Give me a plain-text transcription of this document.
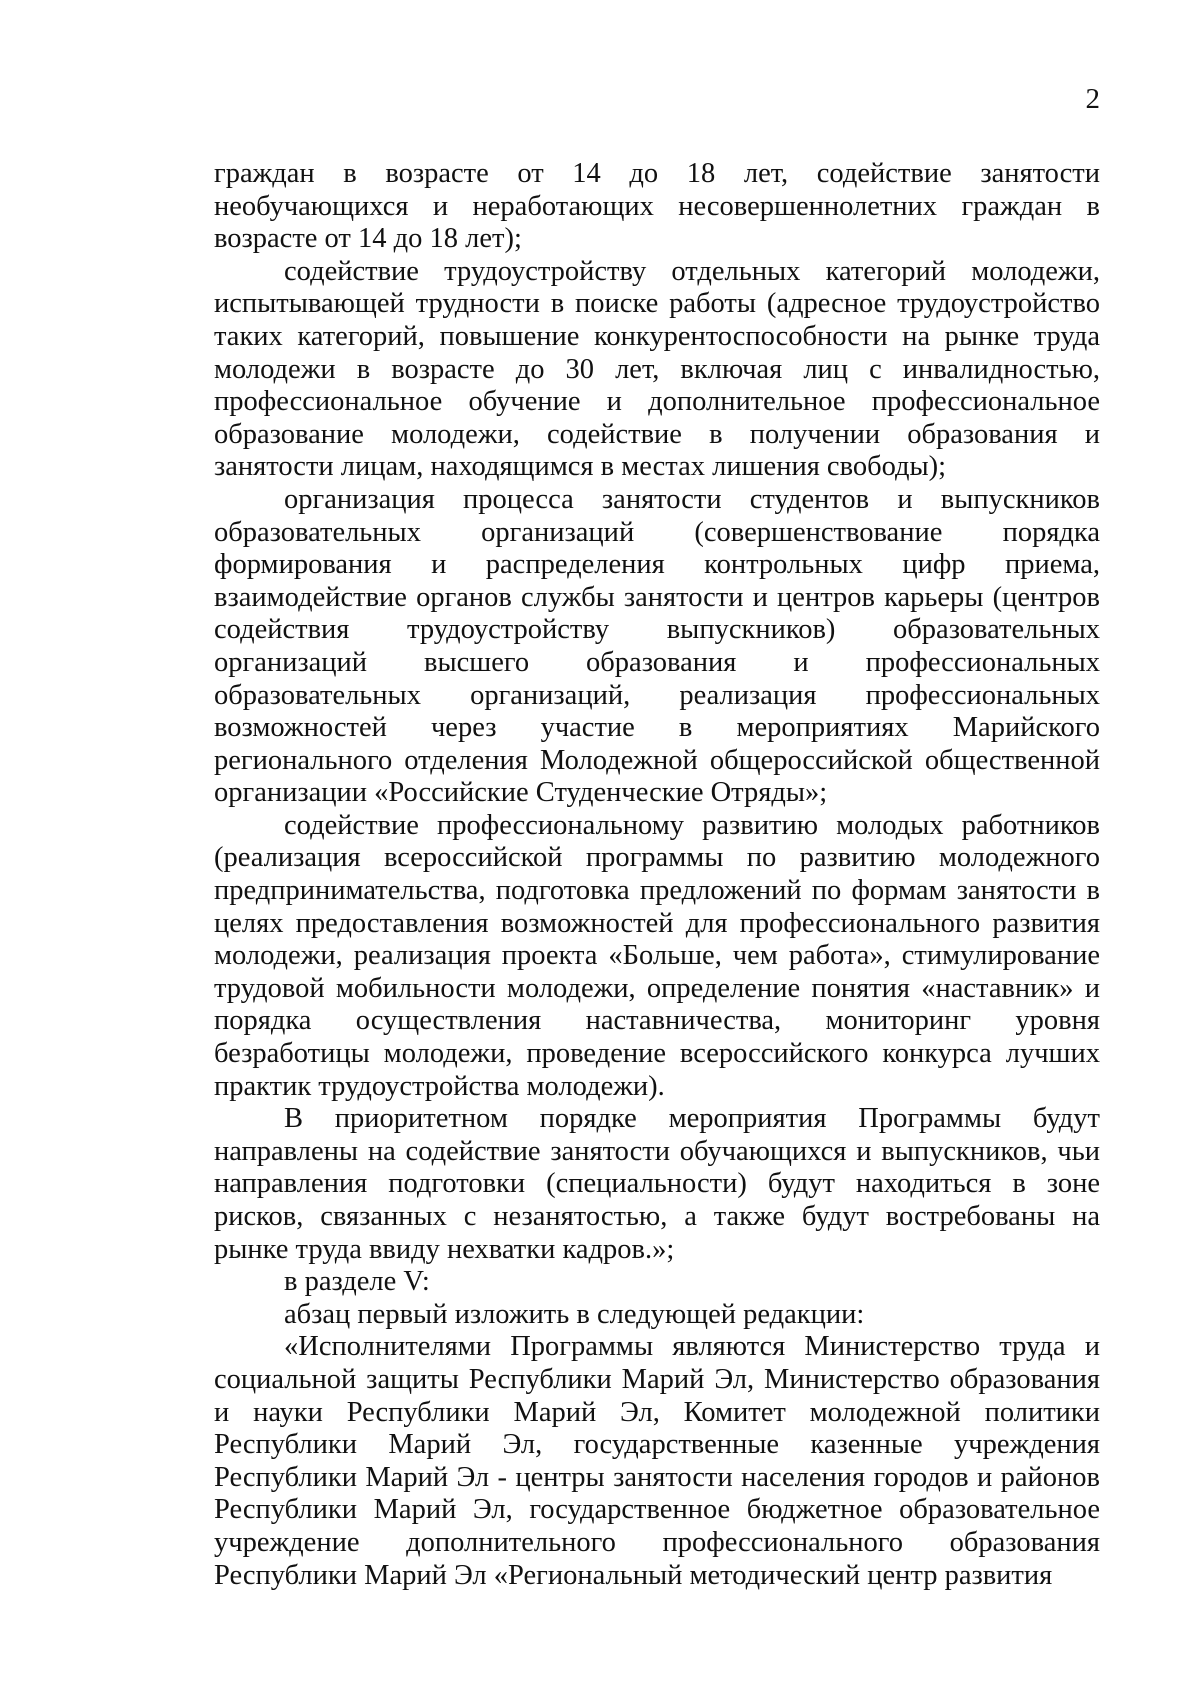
2

граждан в возрасте от 14 до 18 лет, содействие занятости необучающихся и неработающих несовершеннолетних граждан в возрасте от 14 до 18 лет);

содействие трудоустройству отдельных категорий молодежи, испытывающей трудности в поиске работы (адресное трудоустройство таких категорий, повышение конкурентоспособности на рынке труда молодежи в возрасте до 30 лет, включая лиц с инвалидностью, профессиональное обучение и дополнительное профессиональное образование молодежи, содействие в получении образования и занятости лицам, находящимся в местах лишения свободы);

организация процесса занятости студентов и выпускников образовательных организаций (совершенствование порядка формирования и распределения контрольных цифр приема, взаимодействие органов службы занятости и центров карьеры (центров содействия трудоустройству выпускников) образовательных организаций высшего образования и профессиональных образовательных организаций, реализация профессиональных возможностей через участие в мероприятиях Марийского регионального отделения Молодежной общероссийской общественной организации «Российские Студенческие Отряды»;

содействие профессиональному развитию молодых работников (реализация всероссийской программы по развитию молодежного предпринимательства, подготовка предложений по формам занятости в целях предоставления возможностей для профессионального развития молодежи, реализация проекта «Больше, чем работа», стимулирование трудовой мобильности молодежи, определение понятия «наставник» и порядка осуществления наставничества, мониторинг уровня безработицы молодежи, проведение всероссийского конкурса лучших практик трудоустройства молодежи).

В приоритетном порядке мероприятия Программы будут направлены на содействие занятости обучающихся и выпускников, чьи направления подготовки (специальности) будут находиться в зоне рисков, связанных с незанятостью, а также будут востребованы на рынке труда ввиду нехватки кадров.»;

в разделе V:

абзац первый изложить в следующей редакции:

«Исполнителями Программы являются Министерство труда и социальной защиты Республики Марий Эл, Министерство образования и науки Республики Марий Эл, Комитет молодежной политики Республики Марий Эл, государственные казенные учреждения Республики Марий Эл - центры занятости населения городов и районов Республики Марий Эл, государственное бюджетное образовательное учреждение дополнительного профессионального образования Республики Марий Эл «Региональный методический центр развития
